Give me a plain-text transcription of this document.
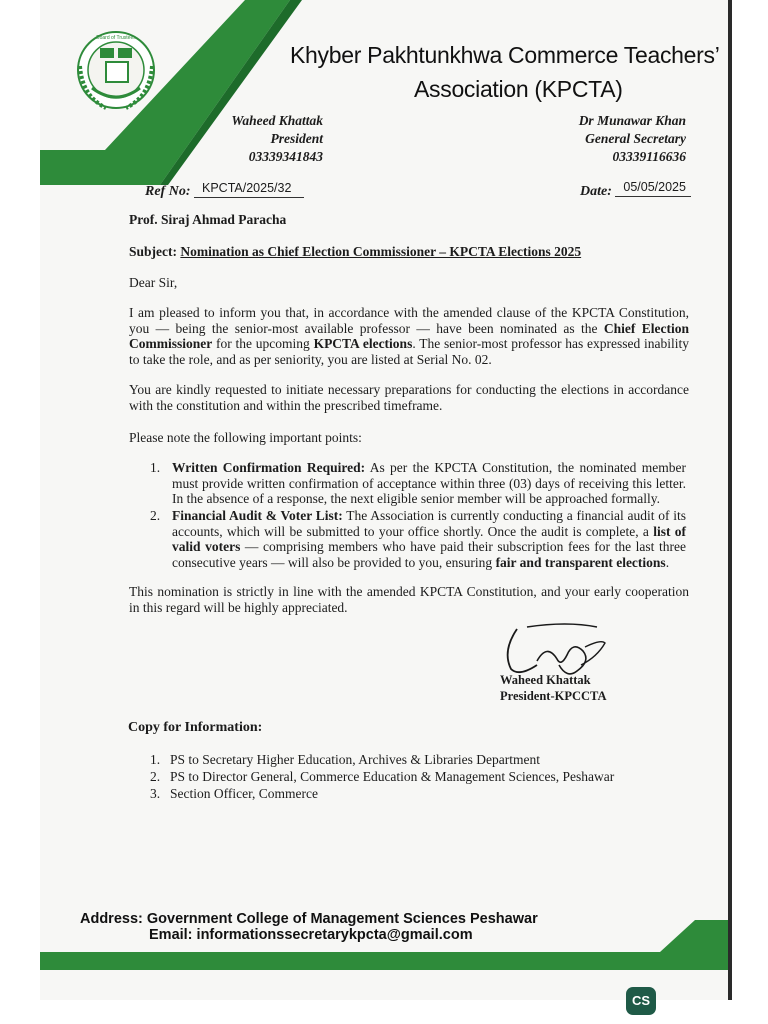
Board of Trustees
Khyber Pakhtunkhwa Commerce Teachers’
Association (KPCTA)
Waheed Khattak
President
03339341843
Dr Munawar Khan
General Secretary
03339116636
Ref No: KPCTA/2025/32	Date: 05/05/2025
Prof. Siraj Ahmad Paracha
Subject: Nomination as Chief Election Commissioner – KPCTA Elections 2025
Dear Sir,
I am pleased to inform you that, in accordance with the amended clause of the KPCTA Constitution, you — being the senior-most available professor — have been nominated as the Chief Election Commissioner for the upcoming KPCTA elections. The senior-most professor has expressed inability to take the role, and as per seniority, you are listed at Serial No. 02.
You are kindly requested to initiate necessary preparations for conducting the elections in accordance with the constitution and within the prescribed timeframe.
Please note the following important points:
1. Written Confirmation Required: As per the KPCTA Constitution, the nominated member must provide written confirmation of acceptance within three (03) days of receiving this letter. In the absence of a response, the next eligible senior member will be approached formally.
2. Financial Audit & Voter List: The Association is currently conducting a financial audit of its accounts, which will be submitted to your office shortly. Once the audit is complete, a list of valid voters — comprising members who have paid their subscription fees for the last three consecutive years — will also be provided to you, ensuring fair and transparent elections.
This nomination is strictly in line with the amended KPCTA Constitution, and your early cooperation in this regard will be highly appreciated.
Waheed Khattak
President-KPCCTA
Copy for Information:
1. PS to Secretary Higher Education, Archives & Libraries Department
2. PS to Director General, Commerce Education & Management Sciences, Peshawar
3. Section Officer, Commerce
Address: Government College of Management Sciences Peshawar
Email: informationssecretarykpcta@gmail.com
CS
